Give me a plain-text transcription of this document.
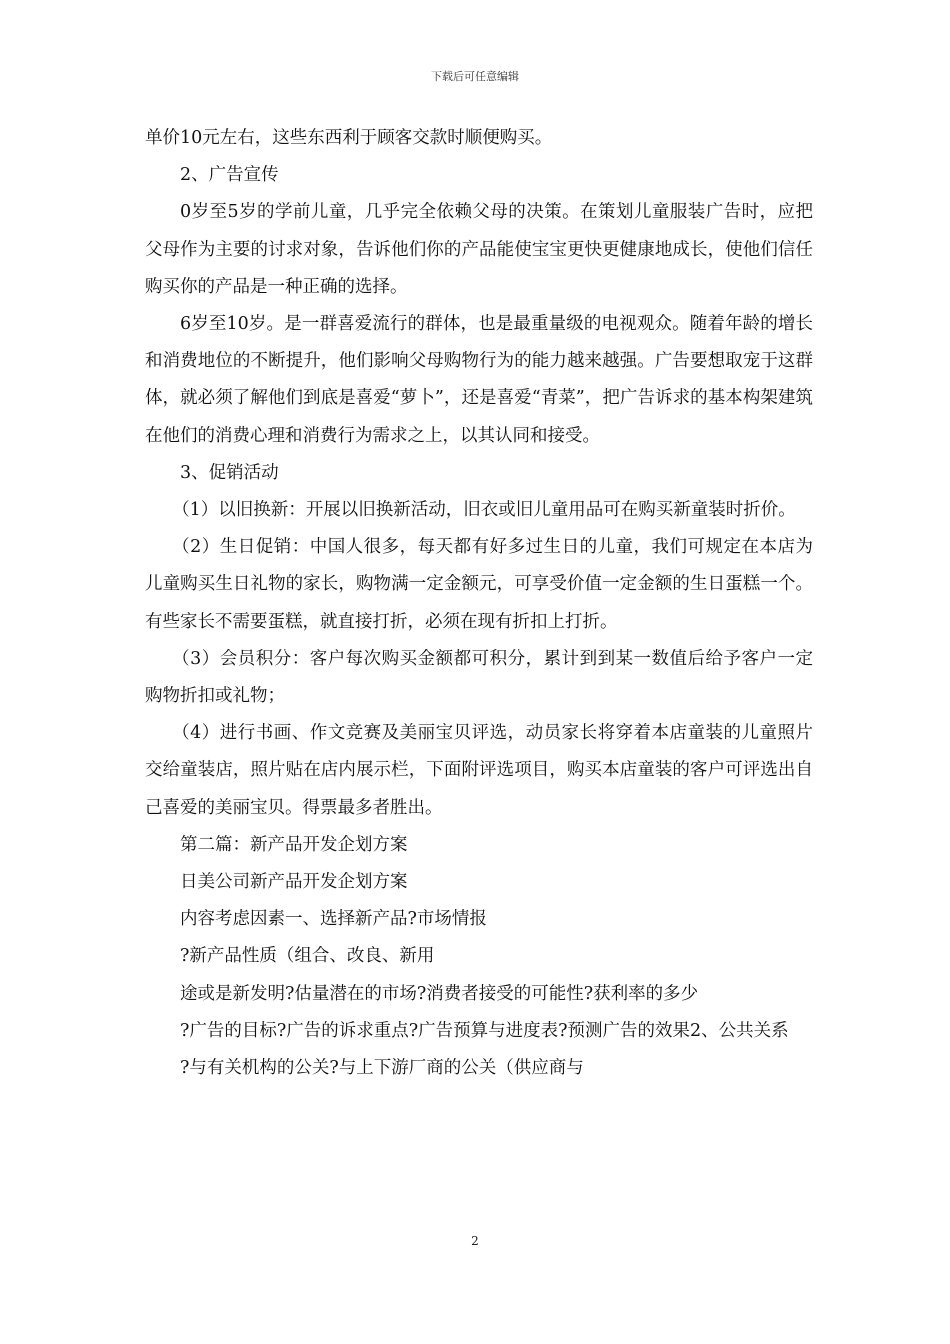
下载后可任意编辑

单价10元左右，这些东西利于顾客交款时顺便购买。

2、广告宣传

0岁至5岁的学前儿童，几乎完全依赖父母的决策。在策划儿童服装广告时，应把父母作为主要的讨求对象，告诉他们你的产品能使宝宝更快更健康地成长，使他们信任购买你的产品是一种正确的选择。

6岁至10岁。是一群喜爱流行的群体，也是最重量级的电视观众。随着年龄的增长和消费地位的不断提升，他们影响父母购物行为的能力越来越强。广告要想取宠于这群体，就必须了解他们到底是喜爱“萝卜”，还是喜爱“青菜”，把广告诉求的基本构架建筑在他们的消费心理和消费行为需求之上，以其认同和接受。

3、促销活动

（1）以旧换新：开展以旧换新活动，旧衣或旧儿童用品可在购买新童装时折价。

（2）生日促销：中国人很多，每天都有好多过生日的儿童，我们可规定在本店为儿童购买生日礼物的家长，购物满一定金额元，可享受价值一定金额的生日蛋糕一个。有些家长不需要蛋糕，就直接打折，必须在现有折扣上打折。

（3）会员积分：客户每次购买金额都可积分，累计到到某一数值后给予客户一定购物折扣或礼物；

（4）进行书画、作文竞赛及美丽宝贝评选，动员家长将穿着本店童装的儿童照片交给童装店，照片贴在店内展示栏，下面附评选项目，购买本店童装的客户可评选出自己喜爱的美丽宝贝。得票最多者胜出。

第二篇：新产品开发企划方案

日美公司新产品开发企划方案

内容考虑因素一、选择新产品?市场情报

?新产品性质（组合、改良、新用

途或是新发明?估量潜在的市场?消费者接受的可能性?获利率的多少

?广告的目标?广告的诉求重点?广告预算与进度表?预测广告的效果2、公共关系

?与有关机构的公关?与上下游厂商的公关（供应商与

2
